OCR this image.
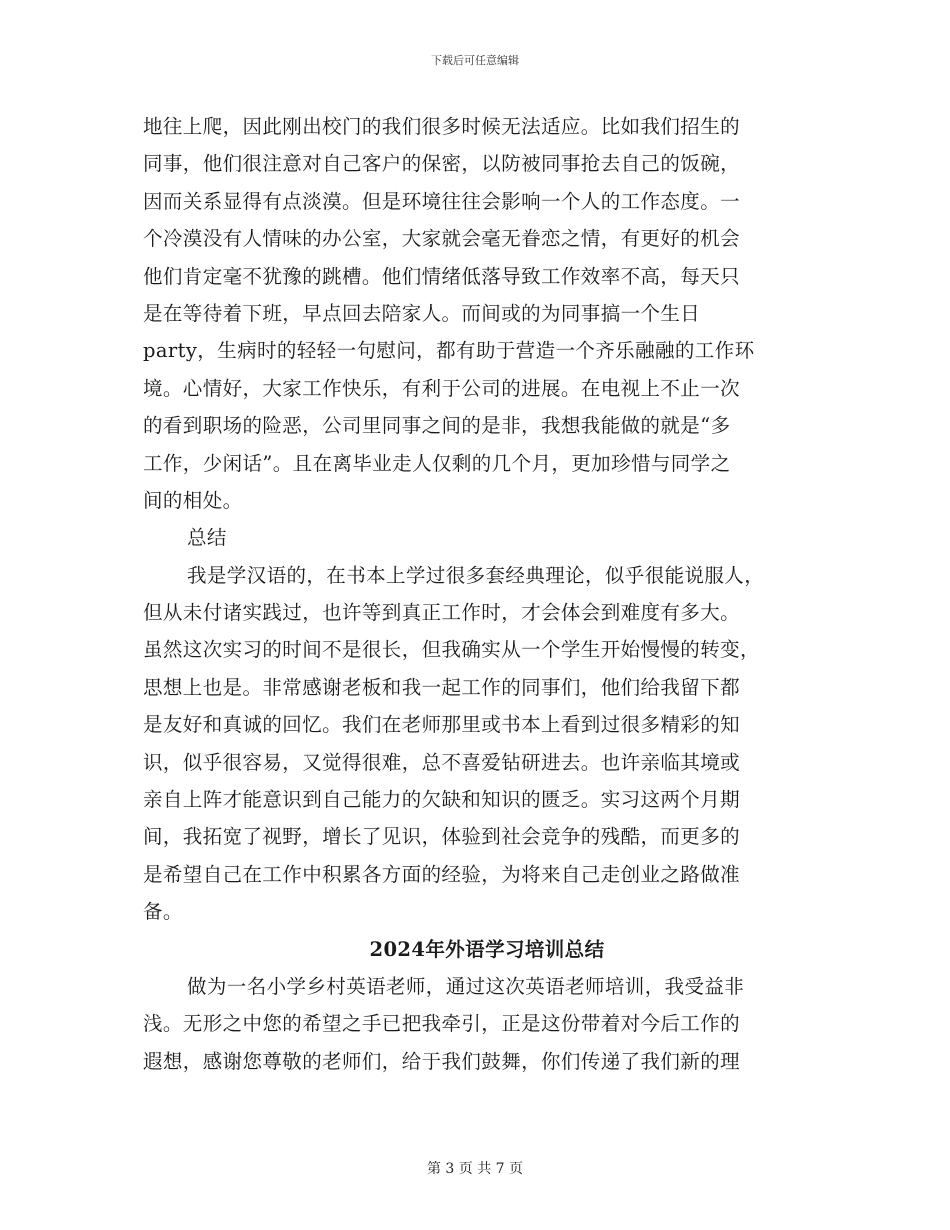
下载后可任意编辑
地往上爬，因此刚出校门的我们很多时候无法适应。比如我们招生的
同事，他们很注意对自己客户的保密，以防被同事抢去自己的饭碗，
因而关系显得有点淡漠。但是环境往往会影响一个人的工作态度。一
个冷漠没有人情味的办公室，大家就会毫无眷恋之情，有更好的机会
他们肯定毫不犹豫的跳槽。他们情绪低落导致工作效率不高，每天只
是在等待着下班，早点回去陪家人。而间或的为同事搞一个生日
party，生病时的轻轻一句慰问，都有助于营造一个齐乐融融的工作环
境。心情好，大家工作快乐，有利于公司的进展。在电视上不止一次
的看到职场的险恶，公司里同事之间的是非，我想我能做的就是“多
工作，少闲话”。且在离毕业走人仅剩的几个月，更加珍惜与同学之
间的相处。
总结
我是学汉语的，在书本上学过很多套经典理论，似乎很能说服人，
但从未付诸实践过，也许等到真正工作时，才会体会到难度有多大。
虽然这次实习的时间不是很长，但我确实从一个学生开始慢慢的转变，
思想上也是。非常感谢老板和我一起工作的同事们，他们给我留下都
是友好和真诚的回忆。我们在老师那里或书本上看到过很多精彩的知
识，似乎很容易，又觉得很难，总不喜爱钻研进去。也许亲临其境或
亲自上阵才能意识到自己能力的欠缺和知识的匮乏。实习这两个月期
间，我拓宽了视野，增长了见识，体验到社会竞争的残酷，而更多的
是希望自己在工作中积累各方面的经验，为将来自己走创业之路做准
备。
2024年外语学习培训总结
做为一名小学乡村英语老师，通过这次英语老师培训，我受益非
浅。无形之中您的希望之手已把我牵引，正是这份带着对今后工作的
遐想，感谢您尊敬的老师们，给于我们鼓舞，你们传递了我们新的理
第 3 页 共 7 页
